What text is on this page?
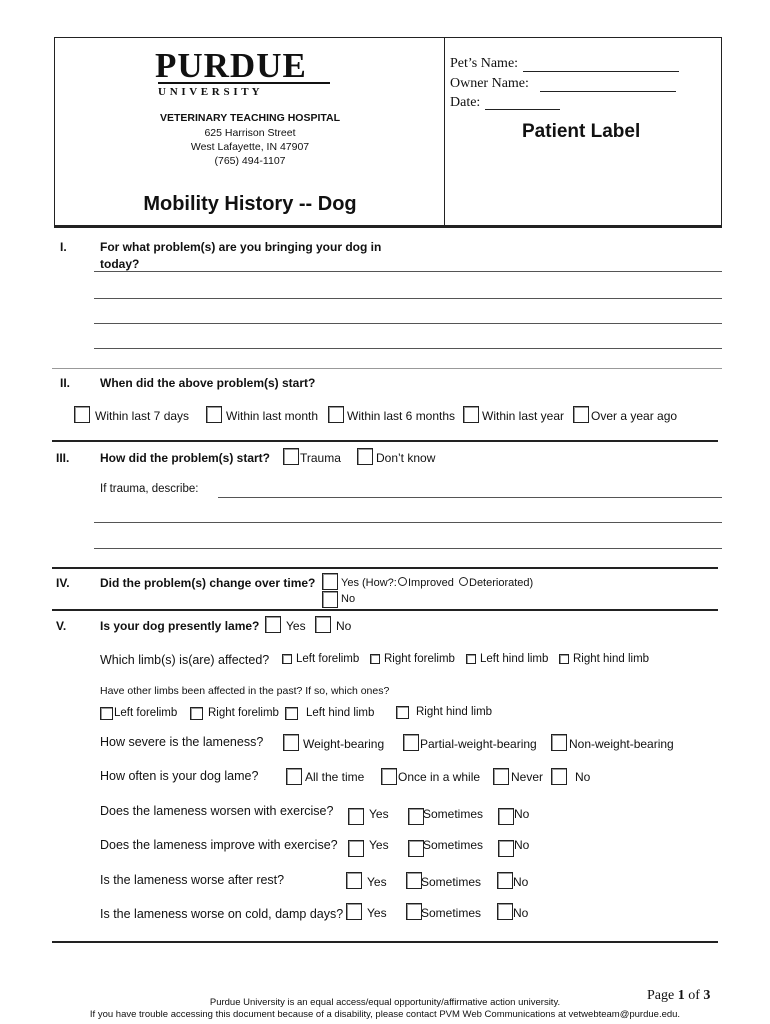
PURDUE
U N I V E R S I T Y
VETERINARY TEACHING HOSPITAL
625 Harrison Street
West Lafayette, IN 47907
(765) 494-1107
Mobility History -- Dog
Pet’s Name:
Owner Name:
Date:
Patient Label
I.	For what problem(s) are you bringing your dog in
today?
II. When did the above problem(s) start?
Within last 7 days	Within last month Within last 6 months Within last year Over a year ago
III.	How did the problem(s) start? Trauma	Don’t know
If trauma, describe:
IV.	Did the problem(s) change over time? Yes (How?: Improved Deteriorated)
No
V.	Is your dog presently lame? Yes	No
Which limb(s) is(are) affected? Left forelimb Right forelimb Left hind limb Right hind limb
Have other limbs been affected in the past? If so, which ones?
Left forelimb	Right forelimb Left hind limb	Right hind limb
How severe is the lameness?	Weight-bearing	Partial-weight-bearing	Non-weight-bearing
How often is your dog lame?	All the time	Once in a while	Never	No
Does the lameness worsen with exercise?	Yes	Sometimes	No
Does the lameness improve with exercise?	Yes	Sometimes	No
Is the lameness worse after rest?	Yes	Sometimes	No
Is the lameness worse on cold, damp days? Yes	Sometimes	No
Purdue University is an equal access/equal opportunity/affirmative action university.	Page 1 of 3
If you have trouble accessing this document because of a disability, please contact PVM Web Communications at vetwebteam@purdue.edu.
